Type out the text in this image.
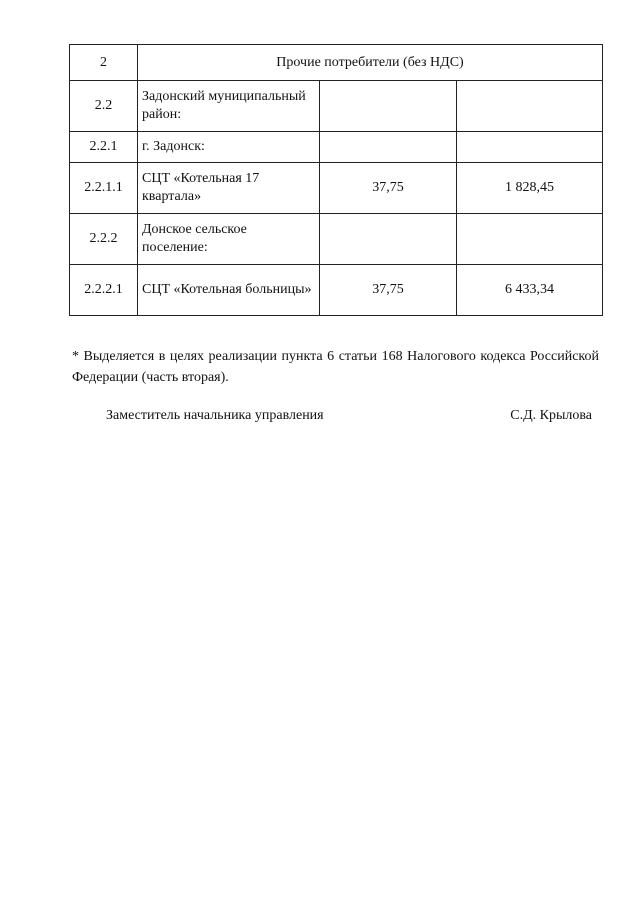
2	Прочие потребители (без НДС)		
2.2	Задонский муниципальный район:		
2.2.1	г. Задонск:		
2.2.1.1	СЦТ «Котельная 17 квартала»	37,75	1 828,45
2.2.2	Донское сельское поселение:		
2.2.2.1	СЦТ «Котельная больницы»	37,75	6 433,34
* Выделяется в целях реализации пункта 6 статьи 168 Налогового кодекса Российской Федерации (часть вторая).
Заместитель начальника управления	С.Д. Крылова
